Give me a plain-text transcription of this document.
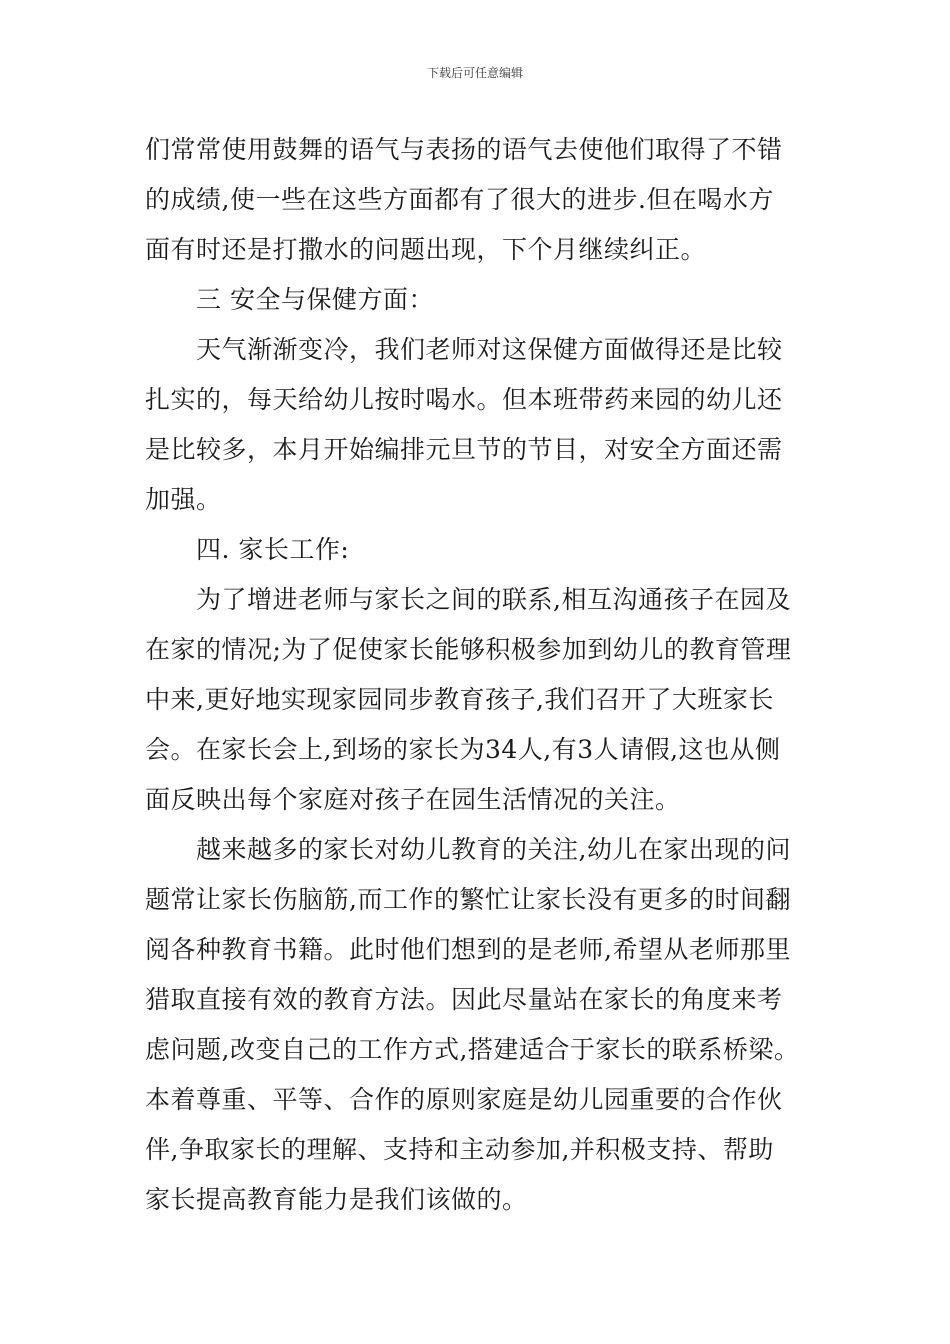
下载后可任意编辑
们常常使用鼓舞的语气与表扬的语气去使他们取得了不错
的成绩,使一些在这些方面都有了很大的进步.但在喝水方
面有时还是打撒水的问题出现，下个月继续纠正。
三 安全与保健方面：
天气渐渐变冷，我们老师对这保健方面做得还是比较
扎实的，每天给幼儿按时喝水。但本班带药来园的幼儿还
是比较多，本月开始编排元旦节的节目，对安全方面还需
加强。
四. 家长工作:
为了增进老师与家长之间的联系,相互沟通孩子在园及
在家的情况;为了促使家长能够积极参加到幼儿的教育管理
中来,更好地实现家园同步教育孩子,我们召开了大班家长
会。在家长会上,到场的家长为34人,有3人请假,这也从侧
面反映出每个家庭对孩子在园生活情况的关注。
越来越多的家长对幼儿教育的关注,幼儿在家出现的问
题常让家长伤脑筋,而工作的繁忙让家长没有更多的时间翻
阅各种教育书籍。此时他们想到的是老师,希望从老师那里
猎取直接有效的教育方法。因此尽量站在家长的角度来考
虑问题,改变自己的工作方式,搭建适合于家长的联系桥梁。
本着尊重、平等、合作的原则家庭是幼儿园重要的合作伙
伴,争取家长的理解、支持和主动参加,并积极支持、帮助
家长提高教育能力是我们该做的。
